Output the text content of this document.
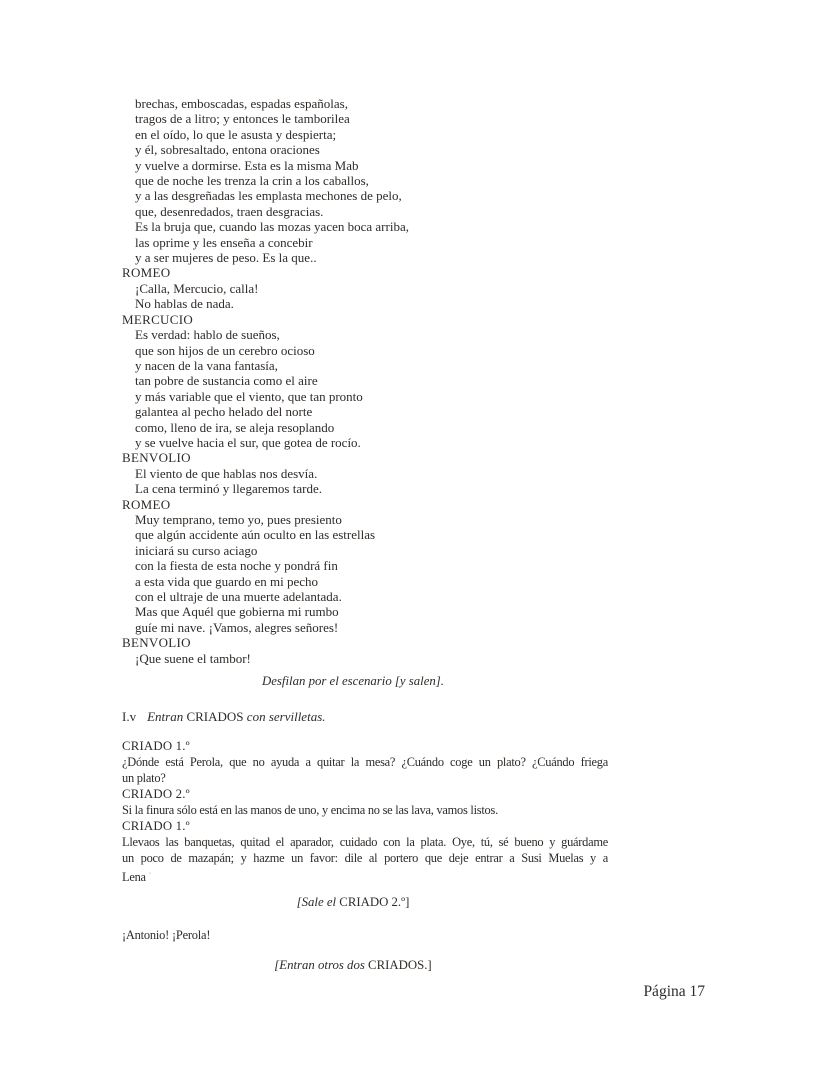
brechas, emboscadas, espadas españolas,
tragos de a litro; y entonces le tamborilea
en el oído, lo que le asusta y despierta;
y él, sobresaltado, entona oraciones
y vuelve a dormirse. Esta es la misma Mab
que de noche les trenza la crin a los caballos,
y a las desgreñadas les emplasta mechones de pelo,
que, desenredados, traen desgracias.
Es la bruja que, cuando las mozas yacen boca arriba,
las oprime y les enseña a concebir
y a ser mujeres de peso. Es la que..
ROMEO
¡Calla, Mercucio, calla!
No hablas de nada.
MERCUCIO
Es verdad: hablo de sueños,
que son hijos de un cerebro ocioso
y nacen de la vana fantasía,
tan pobre de sustancia como el aire
y más variable que el viento, que tan pronto
galantea al pecho helado del norte
como, lleno de ira, se aleja resoplando
y se vuelve hacia el sur, que gotea de rocío.
BENVOLIO
El viento de que hablas nos desvía.
La cena terminó y llegaremos tarde.
ROMEO
Muy temprano, temo yo, pues presiento
que algún accidente aún oculto en las estrellas
iniciará su curso aciago
con la fiesta de esta noche y pondrá fin
a esta vida que guardo en mi pecho
con el ultraje de una muerte adelantada.
Mas que Aquél que gobierna mi rumbo
guíe mi nave. ¡Vamos, alegres señores!
BENVOLIO
¡Que suene el tambor!
Desfilan por el escenario [y salen].
I.v Entran CRIADOS con servilletas.
CRIADO 1.º
¿Dónde está Perola, que no ayuda a quitar la mesa? ¿Cuándo coge un plato? ¿Cuándo friega
un plato?
CRIADO 2.º
Si la finura sólo está en las manos de uno, y encima no se las lava, vamos listos.
CRIADO 1.º
Llevaos las banquetas, quitad el aparador, cuidado con la plata. Oye, tú, sé bueno y guárdame
un poco de mazapán; y hazme un favor: dile al portero que deje entrar a Susi Muelas y a
Lena ·
[Sale el CRIADO 2.º]
¡Antonio! ¡Perola!
[Entran otros dos CRIADOS.]
Página 17
